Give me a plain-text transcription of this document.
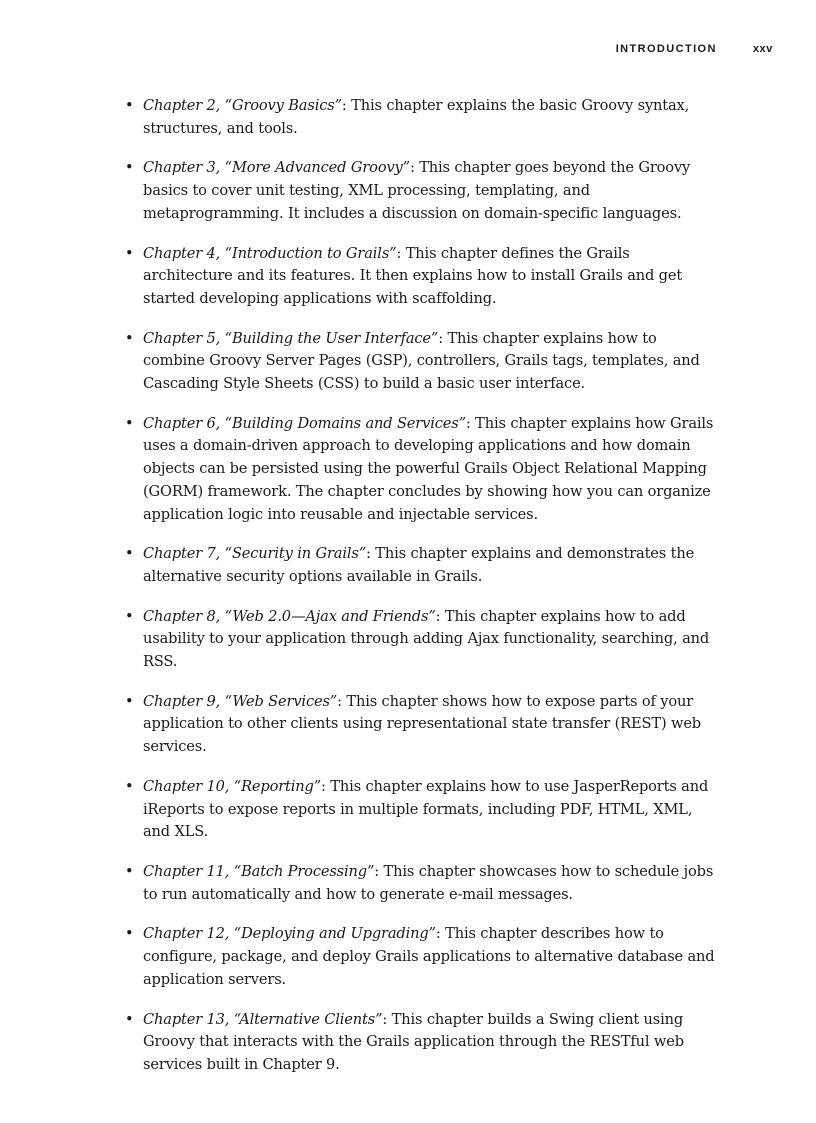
INTRODUCTION	xxv
• Chapter 2, “Groovy Basics”: This chapter explains the basic Groovy syntax, structures, and tools.
• Chapter 3, “More Advanced Groovy”: This chapter goes beyond the Groovy basics to cover unit testing, XML processing, templating, and metaprogramming. It includes a discussion on domain-specific languages.
• Chapter 4, “Introduction to Grails”: This chapter defines the Grails architecture and its features. It then explains how to install Grails and get started developing applications with scaffolding.
• Chapter 5, “Building the User Interface”: This chapter explains how to combine Groovy Server Pages (GSP), controllers, Grails tags, templates, and Cascading Style Sheets (CSS) to build a basic user interface.
• Chapter 6, “Building Domains and Services”: This chapter explains how Grails uses a domain-driven approach to developing applications and how domain objects can be persisted using the powerful Grails Object Relational Mapping (GORM) framework. The chapter concludes by showing how you can organize application logic into reusable and injectable services.
• Chapter 7, “Security in Grails”: This chapter explains and demonstrates the alternative security options available in Grails.
• Chapter 8, “Web 2.0—Ajax and Friends”: This chapter explains how to add usability to your application through adding Ajax functionality, searching, and RSS.
• Chapter 9, “Web Services”: This chapter shows how to expose parts of your application to other clients using representational state transfer (REST) web services.
• Chapter 10, “Reporting”: This chapter explains how to use JasperReports and iReports to expose reports in multiple formats, including PDF, HTML, XML, and XLS.
• Chapter 11, “Batch Processing”: This chapter showcases how to schedule jobs to run automatically and how to generate e-mail messages.
• Chapter 12, “Deploying and Upgrading”: This chapter describes how to configure, package, and deploy Grails applications to alternative database and application servers.
• Chapter 13, “Alternative Clients”: This chapter builds a Swing client using Groovy that interacts with the Grails application through the RESTful web services built in Chapter 9.
